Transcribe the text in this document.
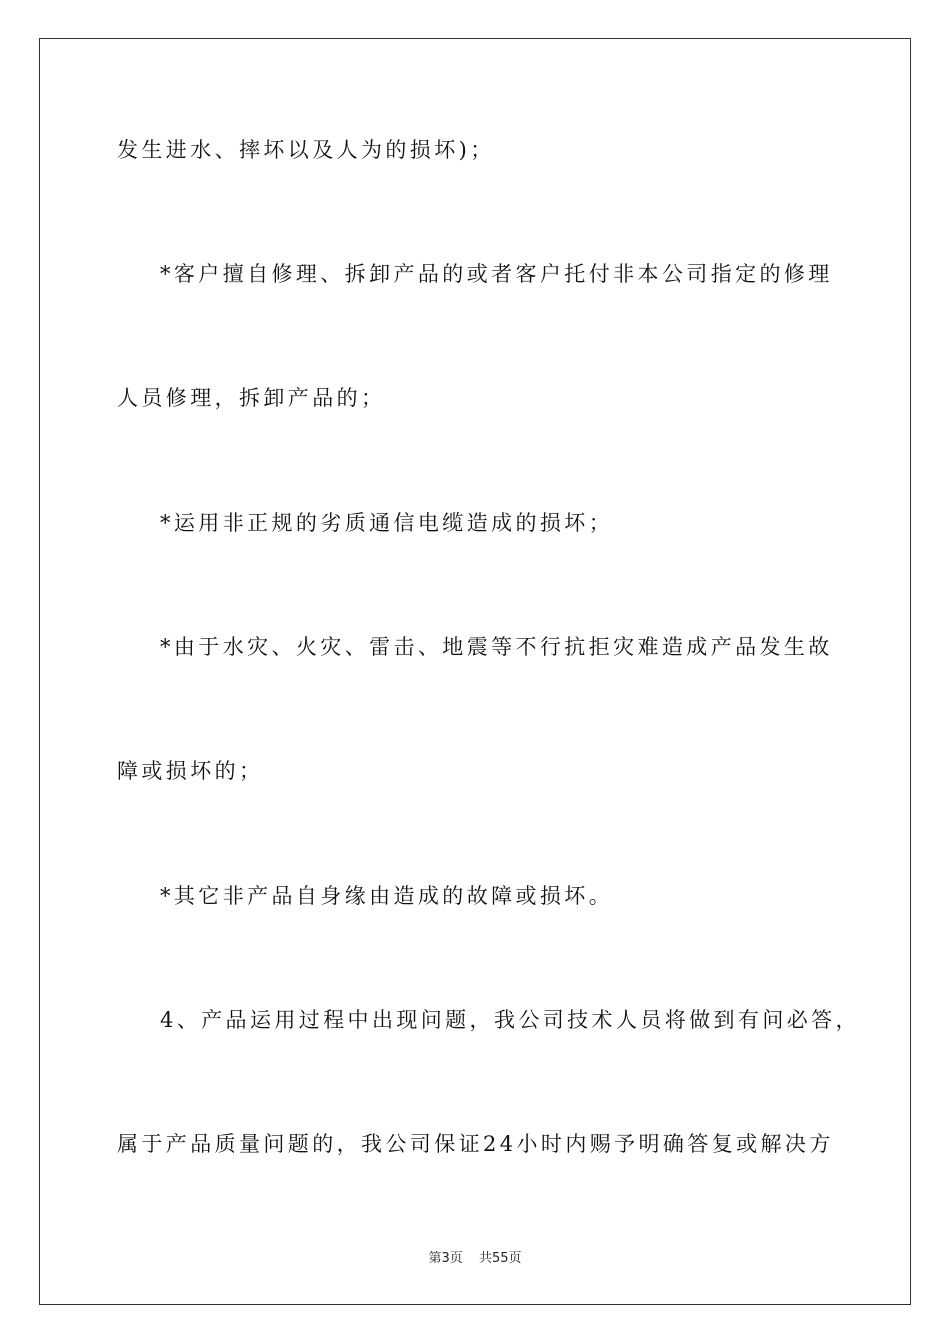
发生进水、摔坏以及人为的损坏)；
*客户擅自修理、拆卸产品的或者客户托付非本公司指定的修理
人员修理，拆卸产品的；
*运用非正规的劣质通信电缆造成的损坏；
*由于水灾、火灾、雷击、地震等不行抗拒灾难造成产品发生故
障或损坏的；
*其它非产品自身缘由造成的故障或损坏。
4、产品运用过程中出现问题，我公司技术人员将做到有问必答，
属于产品质量问题的，我公司保证24小时内赐予明确答复或解决方
第3页 共55页
